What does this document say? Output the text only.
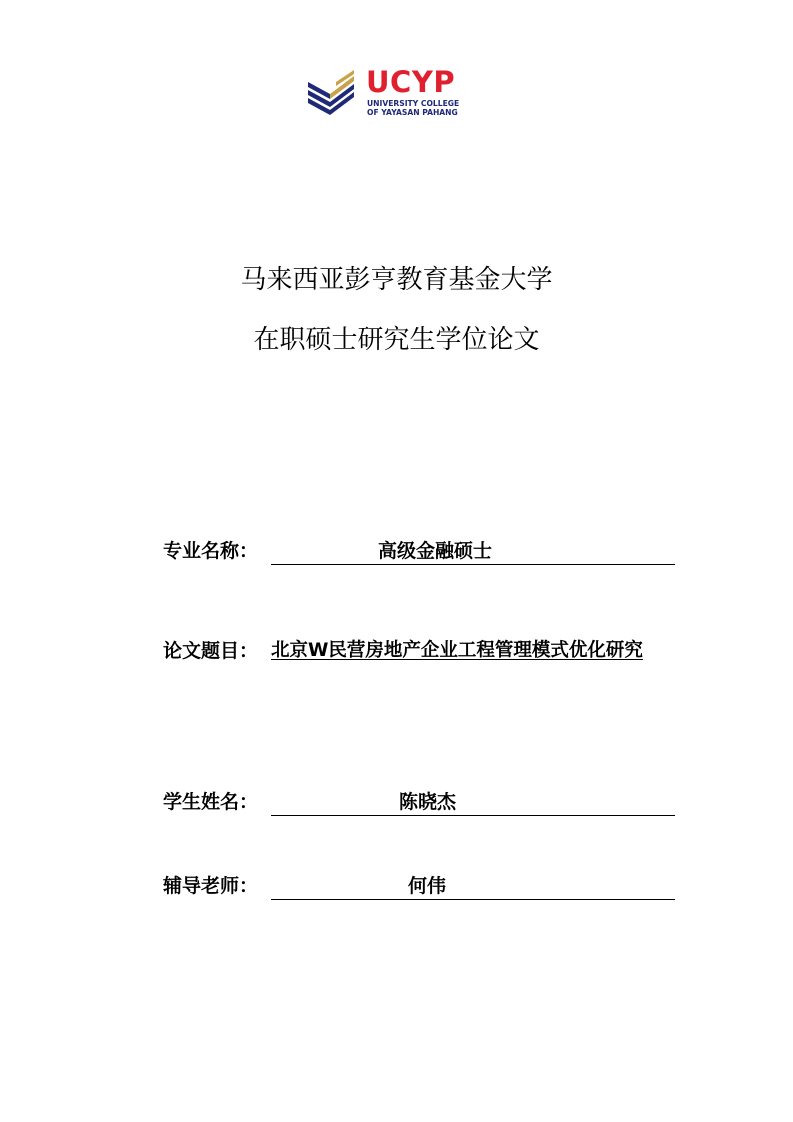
UCYP
UNIVERSITY COLLEGE
OF YAYASAN PAHANG
马来西亚彭亨教育基金大学
在职硕士研究生学位论文
专业名称：	高级金融硕士
论文题目： 北京W民营房地产企业工程管理模式优化研究
学生姓名：	陈晓杰
辅导老师：	何伟
